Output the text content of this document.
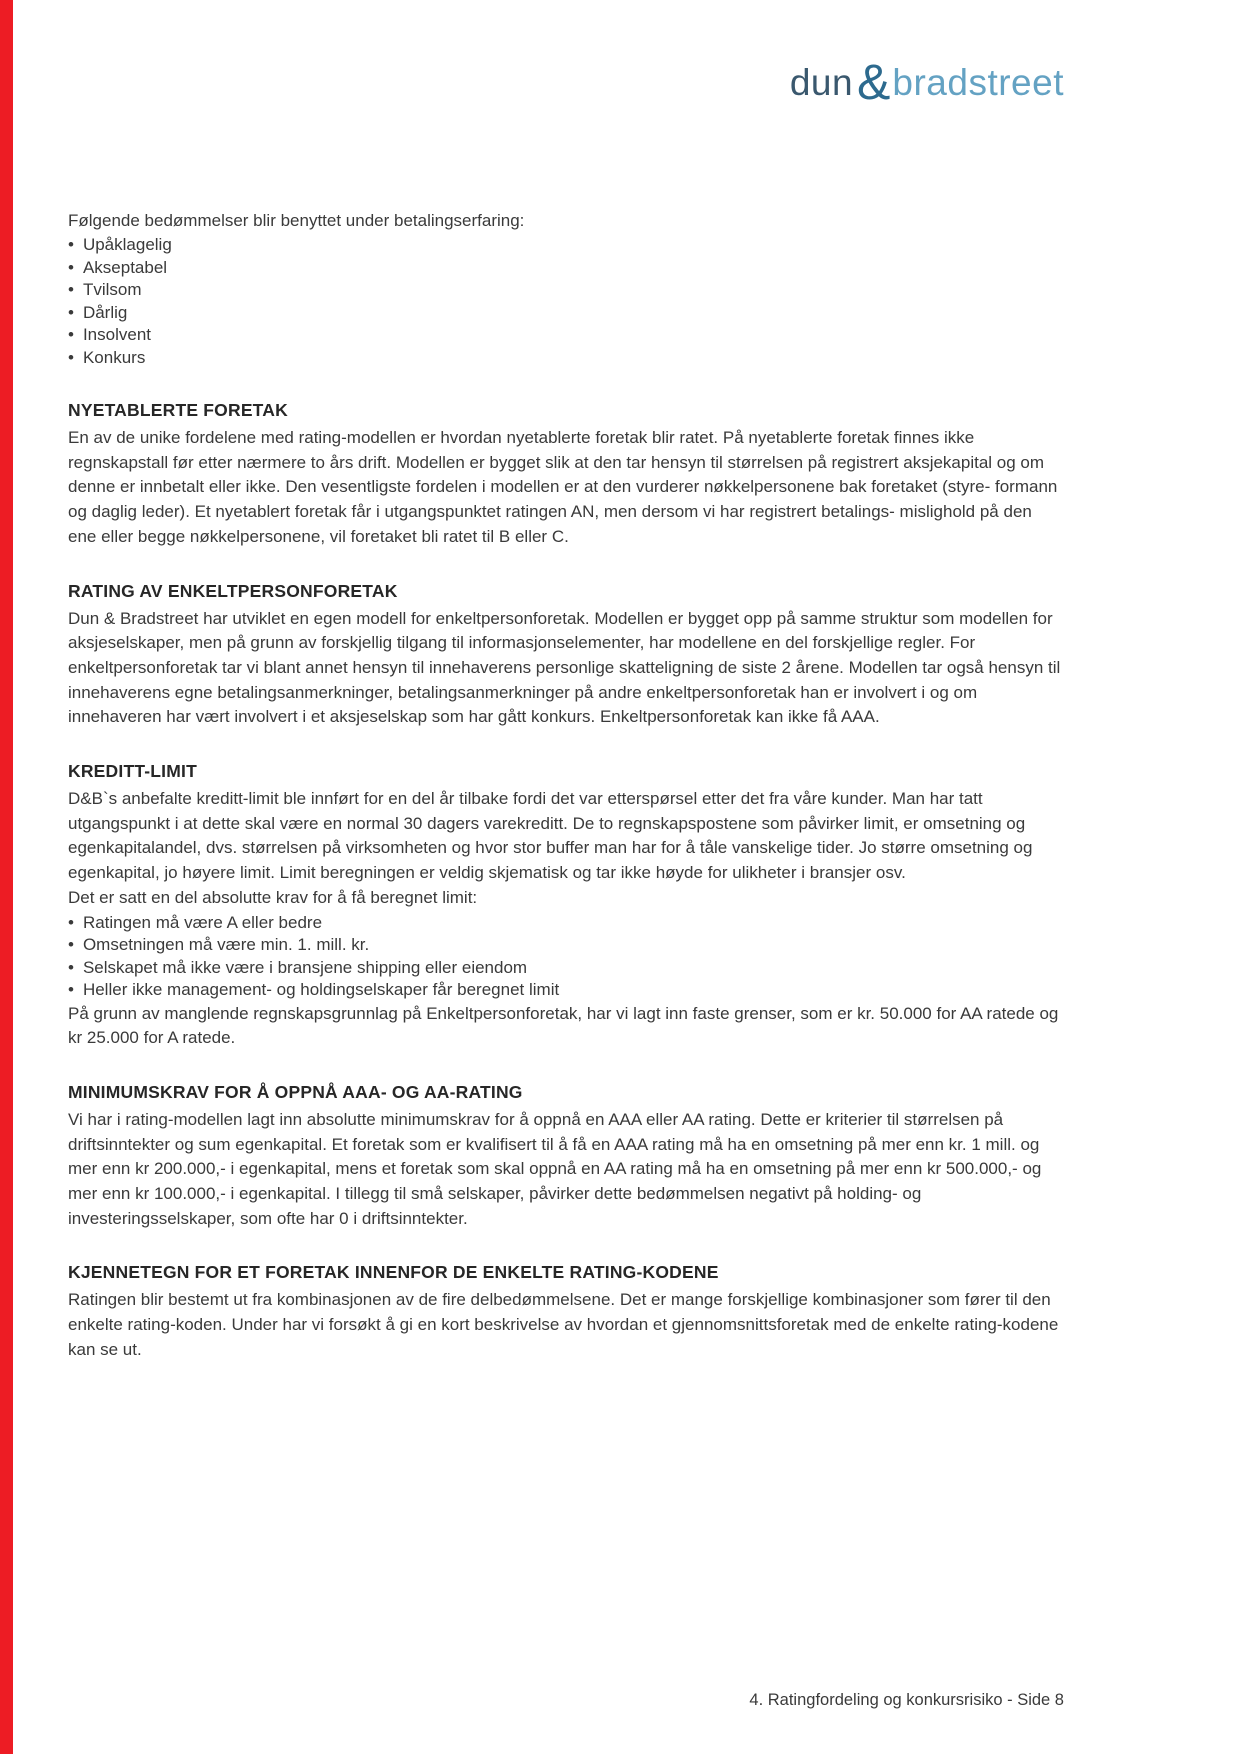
dun & bradstreet
Følgende bedømmelser blir benyttet under betalingserfaring:
• Upåklagelig
• Akseptabel
• Tvilsom
• Dårlig
• Insolvent
• Konkurs
NYETABLERTE FORETAK

En av de unike fordelene med rating-modellen er hvordan nyetablerte foretak blir ratet. På nyetablerte foretak finnes ikke regnskapstall før etter nærmere to års drift. Modellen er bygget slik at den tar hensyn til størrelsen på registrert aksjekapital og om denne er innbetalt eller ikke. Den vesentligste fordelen i modellen er at den vurderer nøkkelpersonene bak foretaket (styre- formann og daglig leder). Et nyetablert foretak får i utgangspunktet ratingen AN, men dersom vi har registrert betalings- mislighold på den ene eller begge nøkkelpersonene, vil foretaket bli ratet til B eller C.

RATING AV ENKELTPERSONFORETAK

Dun & Bradstreet har utviklet en egen modell for enkeltpersonforetak. Modellen er bygget opp på samme struktur som modellen for aksjeselskaper, men på grunn av forskjellig tilgang til informasjonselementer, har modellene en del forskjellige regler. For enkeltpersonforetak tar vi blant annet hensyn til innehaverens personlige skatteligning de siste 2 årene. Modellen tar også hensyn til innehaverens egne betalingsanmerkninger, betalingsanmerkninger på andre enkeltpersonforetak han er involvert i og om innehaveren har vært involvert i et aksjeselskap som har gått konkurs. Enkeltpersonforetak kan ikke få AAA.

KREDITT-LIMIT

D&B`s anbefalte kreditt-limit ble innført for en del år tilbake fordi det var etterspørsel etter det fra våre kunder. Man har tatt utgangspunkt i at dette skal være en normal 30 dagers varekreditt. De to regnskapspostene som påvirker limit, er omsetning og egenkapitalandel, dvs. størrelsen på virksomheten og hvor stor buffer man har for å tåle vanskelige tider. Jo større omsetning og egenkapital, jo høyere limit. Limit beregningen er veldig skjematisk og tar ikke høyde for ulikheter i bransjer osv.

Det er satt en del absolutte krav for å få beregnet limit:

• Ratingen må være A eller bedre
• Omsetningen må være min. 1. mill. kr.
• Selskapet må ikke være i bransjene shipping eller eiendom
• Heller ikke management- og holdingselskaper får beregnet limit

På grunn av manglende regnskapsgrunnlag på Enkeltpersonforetak, har vi lagt inn faste grenser, som er kr. 50.000 for AA ratede og kr 25.000 for A ratede.

MINIMUMSKRAV FOR Å OPPNÅ AAA- OG AA-RATING

Vi har i rating-modellen lagt inn absolutte minimumskrav for å oppnå en AAA eller AA rating. Dette er kriterier til størrelsen på driftsinntekter og sum egenkapital. Et foretak som er kvalifisert til å få en AAA rating må ha en omsetning på mer enn kr. 1 mill. og mer enn kr 200.000,- i egenkapital, mens et foretak som skal oppnå en AA rating må ha en omsetning på mer enn kr 500.000,- og mer enn kr 100.000,- i egenkapital. I tillegg til små selskaper, påvirker dette bedømmelsen negativt på holding- og investeringsselskaper, som ofte har 0 i driftsinntekter.

KJENNETEGN FOR ET FORETAK INNENFOR DE ENKELTE RATING-KODENE

Ratingen blir bestemt ut fra kombinasjonen av de fire delbedømmelsene. Det er mange forskjellige kombinasjoner som fører til den enkelte rating-koden. Under har vi forsøkt å gi en kort beskrivelse av hvordan et gjennomsnittsforetak med de enkelte rating-kodene kan se ut.

4. Ratingfordeling og konkursrisiko - Side 8
